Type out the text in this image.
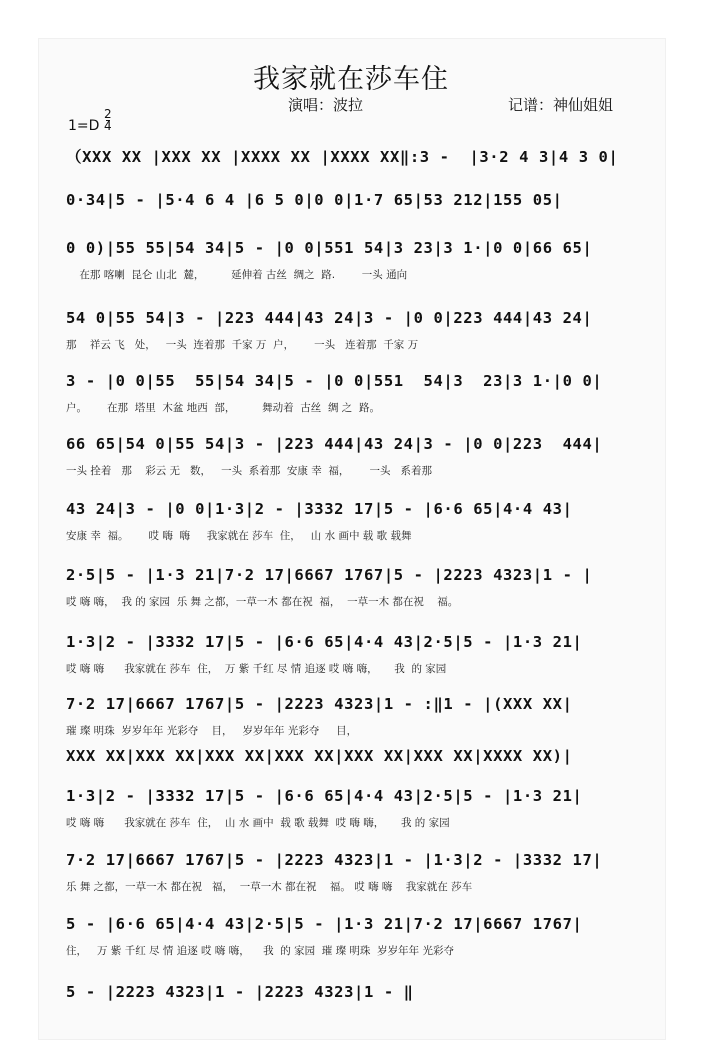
我家就在莎车住
演唱：波拉	记谱：神仙姐姐
1=D
2
4
（XXX XX |XXX XX |XXXX XX |XXXX XX‖:3 -  |3·2 4 3|4 3 0|
0·34|5 - |5·4 6 4 |6 5 0|0 0|1·7 65|53 212|155 05|
0 0)|55 55|54 34|5 - |0 0|551 54|3 23|3 1·|0 0|66 65|
在那 喀喇  昆仑 山北  麓，        延伸着 古丝  绸之  路.        一头 通向
54 0|55 54|3 - |223 444|43 24|3 - |0 0|223 444|43 24|
那    祥云 飞   处，   一头  连着那  千家 万  户，      一头   连着那  千家 万
3 - |0 0|55  55|54 34|5 - |0 0|551  54|3  23|3 1·|0 0|
户。      在那  塔里  木盆 地西  部，        舞动着  古丝  绸 之  路。
66 65|54 0|55 54|3 - |223 444|43 24|3 - |0 0|223  444|
一头 拴着   那    彩云 无   数，   一头  系着那  安康 幸  福，      一头   系着那
43 24|3 - |0 0|1·3|2 - |3332 17|5 - |6·6 65|4·4 43|
安康 幸  福。      哎 嗨  嗨     我家就在 莎车  住，   山 水 画中 载 歌 载舞
2·5|5 - |1·3 21|7·2 17|6667 1767|5 - |2223 4323|1 - |
哎 嗨 嗨，  我 的 家园  乐 舞 之都，一草一木 都在祝  福，  一草一木 都在祝    福。
1·3|2 - |3332 17|5 - |6·6 65|4·4 43|2·5|5 - |1·3 21|
哎 嗨 嗨      我家就在 莎车  住，  万 紫 千红 尽 情 追逐 哎 嗨 嗨，     我  的 家园
7·2 17|6667 1767|5 - |2223 4323|1 - :‖1 - |(XXX XX|
璀 璨 明珠  岁岁年年 光彩夺    目，   岁岁年年 光彩夺     目，
XXX XX|XXX XX|XXX XX|XXX XX|XXX XX|XXX XX|XXXX XX)|
1·3|2 - |3332 17|5 - |6·6 65|4·4 43|2·5|5 - |1·3 21|
哎 嗨 嗨      我家就在 莎车  住，  山 水 画中  载 歌 载舞  哎 嗨 嗨，     我 的 家园
7·2 17|6667 1767|5 - |2223 4323|1 - |1·3|2 - |3332 17|
乐 舞 之都，一草一木 都在祝   福，  一草一木 都在祝    福。 哎 嗨 嗨    我家就在 莎车
5 - |6·6 65|4·4 43|2·5|5 - |1·3 21|7·2 17|6667 1767|
住，   万 紫 千红 尽 情 追逐 哎 嗨 嗨，    我  的 家园  璀 璨 明珠  岁岁年年 光彩夺
5 - |2223 4323|1 - |2223 4323|1 - ‖
